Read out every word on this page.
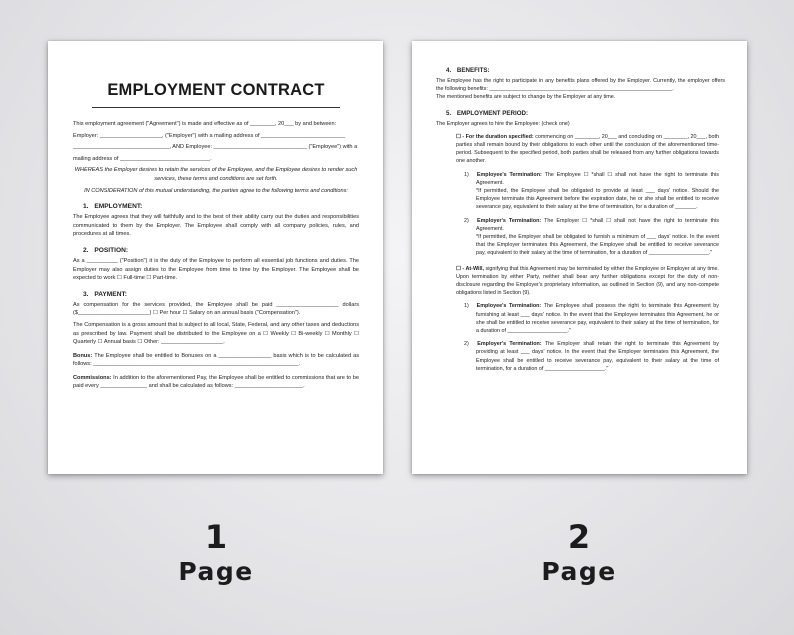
EMPLOYMENT CONTRACT

This employment agreement ("Agreement") is made and effective as of ________, 20___ by and between:

Employer: ____________________, ("Employer") with a mailing address of ___________________________

_______________________________, AND Employee: ______________________________ ("Employee") with a

mailing address of _____________________________.

WHEREAS the Employer desires to retain the services of the Employee, and the Employee desires to render such services, these terms and conditions are set forth.

IN CONSIDERATION of this mutual understanding, the parties agree to the following terms and conditions:

1. EMPLOYMENT:

The Employee agrees that they will faithfully and to the best of their ability carry out the duties and responsibilities communicated to them by the Employer. The Employee shall comply with all company policies, rules, and procedures at all times.

2. POSITION:

As a __________ ("Position") it is the duty of the Employee to perform all essential job functions and duties. The Employer may also assign duties to the Employee from time to time by the Employer. The Employee shall be expected to work ☐ Full-time ☐ Part-time.

3. PAYMENT:

As compensation for the services provided, the Employee shall be paid ____________________ dollars ($_______________________) ☐ Per hour ☐ Salary on an annual basis ("Compensation").

The Compensation is a gross amount that is subject to all local, State, Federal, and any other taxes and deductions as prescribed by law. Payment shall be distributed to the Employee on a ☐ Weekly ☐ Bi-weekly ☐ Monthly ☐ Quarterly ☐ Annual basis ☐ Other: ____________________.

Bonus: The Employee shall be entitled to Bonuses on a _________________ basis which is to be calculated as follows: __________________________________________________________________.

Commissions: In addition to the aforementioned Pay, the Employee shall be entitled to commissions that are to be paid every _______________ and shall be calculated as follows: ______________________.

4. BENEFITS:

The Employee has the right to participate in any benefits plans offered by the Employer. Currently, the employer offers the following benefits: _____________________________________________________________.

The mentioned benefits are subject to change by the Employer at any time.

5. EMPLOYMENT PERIOD:

The Employer agrees to hire the Employee: (check one)

☐ - For the duration specified: commencing on ________, 20___ and concluding on ________, 20___, both parties shall remain bound by their obligations to each other until the conclusion of the aforementioned time-period. Subsequent to the specified period, both parties shall be released from any further obligations towards one another.

1) Employee's Termination: The Employee ☐ *shall ☐ shall not have the right to terminate this Agreement.

*If permitted, the Employee shall be obligated to provide at least ___ days' notice. Should the Employee terminate this Agreement before the expiration date, he or she shall be entitled to receive severance pay, equivalent to their salary at the time of termination, for a duration of _______.

2) Employer's Termination: The Employer ☐ *shall ☐ shall not have the right to terminate this Agreement.

*If permitted, the Employer shall be obligated to furnish a minimum of ___ days' notice. In the event that the Employer terminates this Agreement, the Employee shall be entitled to receive severance pay, equivalent to their salary at the time of termination, for a duration of ____________________."

☐ - At-Will, signifying that this Agreement may be terminated by either the Employee or Employer at any time. Upon termination by either Party, neither shall bear any further obligations except for the duty of non-disclosure regarding the Employer's proprietary information, as outlined in Section (9), and any non-compete obligations listed in Section (9).

1) Employee's Termination: The Employee shall possess the right to terminate this Agreement by furnishing at least ___ days' notice. In the event that the Employee terminates this Agreement, he or she shall be entitled to receive severance pay, equivalent to their salary at the time of termination, for a duration of ____________________."

2) Employer's Termination: The Employer shall retain the right to terminate this Agreement by providing at least ___ days' notice. In the event that the Employer terminates this Agreement, the Employee shall be entitled to receive severance pay, equivalent to their salary at the time of termination, for a duration of ____________________."

1
Page
2
Page
